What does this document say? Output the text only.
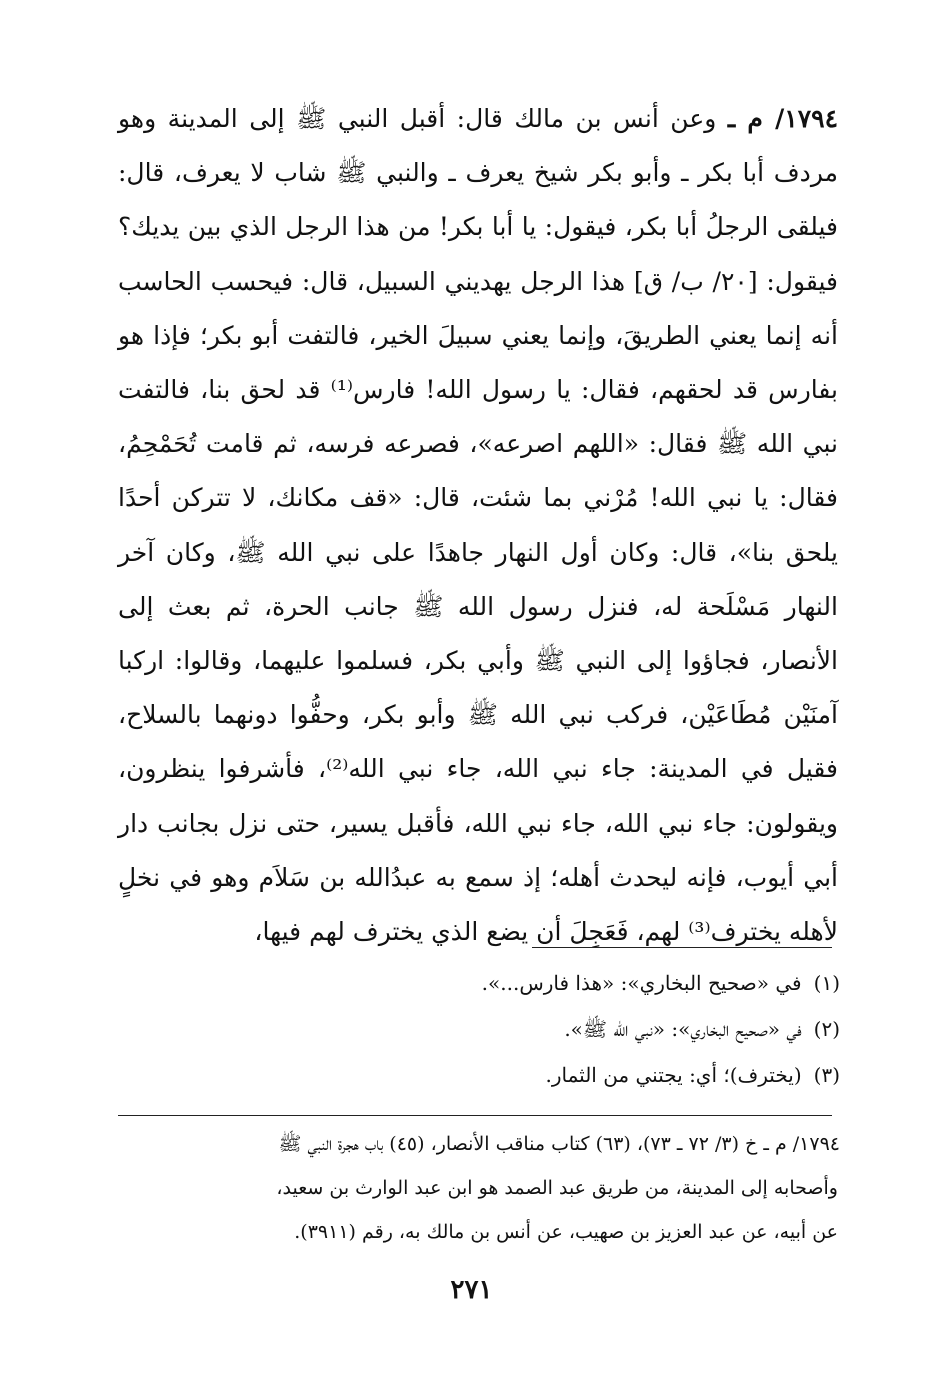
١٧٩٤/ م ـ وعن أنس بن مالك قال: أقبل النبي ﷺ إلى المدينة وهو مردف أبا بكر ـ وأبو بكر شيخ يعرف ـ والنبي ﷺ شاب لا يعرف، قال: فيلقى الرجلُ أبا بكر، فيقول: يا أبا بكر! من هذا الرجل الذي بين يديك؟ فيقول: [٢٠/ ب/ ق] هذا الرجل يهديني السبيل، قال: فيحسب الحاسب أنه إنما يعني الطريقَ، وإنما يعني سبيلَ الخير، فالتفت أبو بكر؛ فإذا هو بفارس قد لحقهم، فقال: يا رسول الله! فارس⁽¹⁾ قد لحق بنا، فالتفت نبي الله ﷺ فقال: «اللهم اصرعه»، فصرعه فرسه، ثم قامت تُحَمْحِمُ، فقال: يا نبي الله! مُرْني بما شئت، قال: «قف مكانك، لا تتركن أحدًا يلحق بنا»، قال: وكان أول النهار جاهدًا على نبي الله ﷺ، وكان آخر النهار مَسْلَحة له، فنزل رسول الله ﷺ جانب الحرة، ثم بعث إلى الأنصار، فجاؤوا إلى النبي ﷺ وأبي بكر، فسلموا عليهما، وقالوا: اركبا آمنَيْن مُطَاعَيْن، فركب نبي الله ﷺ وأبو بكر، وحفُّوا دونهما بالسلاح، فقيل في المدينة: جاء نبي الله، جاء نبي الله⁽²⁾، فأشرفوا ينظرون، ويقولون: جاء نبي الله، جاء نبي الله، فأقبل يسير، حتى نزل بجانب دار أبي أيوب، فإنه ليحدث أهله؛ إذ سمع به عبدُالله بن سَلاَم وهو في نخلٍ لأهله يخترف⁽³⁾ لهم، فَعَجِلَ أن يضع الذي يخترف لهم فيها،
(١)في «صحيح البخاري»: «هذا فارس...».
(٢)في «صحيح البخاري»: «نبي الله ﷺ».
(٣)(يخترف)؛ أي: يجتني من الثمار.
١٧٩٤/ م ـ خ (٣/ ٧٢ ـ ٧٣)، (٦٣) كتاب مناقب الأنصار، (٤٥) باب هجرة النبي ﷺ
وأصحابه إلى المدينة، من طريق عبد الصمد هو ابن عبد الوارث بن سعيد،
عن أبيه، عن عبد العزيز بن صهيب، عن أنس بن مالك به، رقم (٣٩١١).
٢٧١
